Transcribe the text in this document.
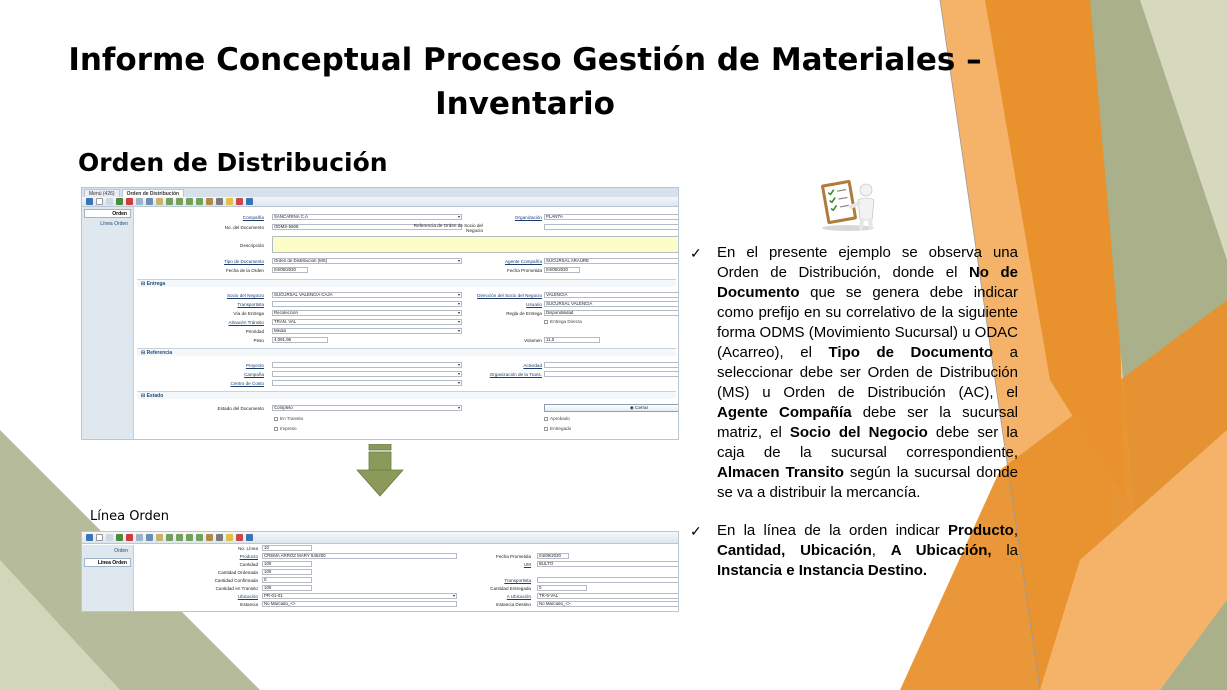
Informe Conceptual Proceso Gestión de Materiales – Inventario
Orden de Distribución
Menú (426)	Orden de Distribución
Orden
Línea Orden
Compañía	SANCARINA C.A	▾	Organización PLANTA
No. del Documento	ODMS-5608	Referencia de Orden de Socio del Negocio
Descripción
Tipo de Documento	Orden de Distribución (MS)	▾	Agente Compañía SUCURSAL ARAURE
Fecha de la Orden	04/09/2020	Fecha Prometida 04/09/2020
⊟ Entrega
Socio del Negocio	SUCURSAL VALENCIA CAJA	▾	Dirección del Socio del Negocio VALENCIA
Transportista	▾	Usuario SUCURSAL VALENCIA
Vía de Entrega	Recolección	▾	Regla de Entrega Disponibilidad
Almacén Tránsito	TRAN. VAL	▾	Entrega Directa
Prioridad	Media	▾
Peso	4.091,96	Volumen 11,0
⊟ Referencia
Proyecto	▾	Actividad
Campaña	▾	Organización de la Trans.
Centro de Costo	▾
⊟ Estado
Estado del Documento	Completo	▾	◉ Cerrar
En Transito	Aprobado
Impreso	Entregado
Línea Orden
Orden
Línea Orden
No. Línea	10
Producto	CREMA ARROZ MARY 545200	Fecha Prometida	04/09/2020
Cantidad	100	UM	BULTO
Cantidad Ordenada	100
Cantidad Confirmada	0	Transportista
Cantidad en Transito	100	Cantidad Entregada	0
Ubicación	PR-01-01	▾	A Ubicación	TR-9-VAL
Instancia	No Marcado_<>	Instancia Destino	No Marcado_<>
✓	En el presente ejemplo se observa una Orden de Distribución, donde el No de Documento que se genera debe indicar como prefijo en su correlativo de la siguiente forma ODMS (Movimiento Sucursal) u ODAC (Acarreo), el Tipo de Documento a seleccionar debe ser Orden de Distribución (MS) u Orden de Distribución (AC), el Agente Compañía debe ser la sucursal matriz, el Socio del Negocio debe ser la caja de la sucursal correspondiente, Almacen Transito según la sucursal donde se va a distribuir la mercancía.
✓	En la línea de la orden indicar Producto, Cantidad, Ubicación, A Ubicación, la Instancia e Instancia Destino.
